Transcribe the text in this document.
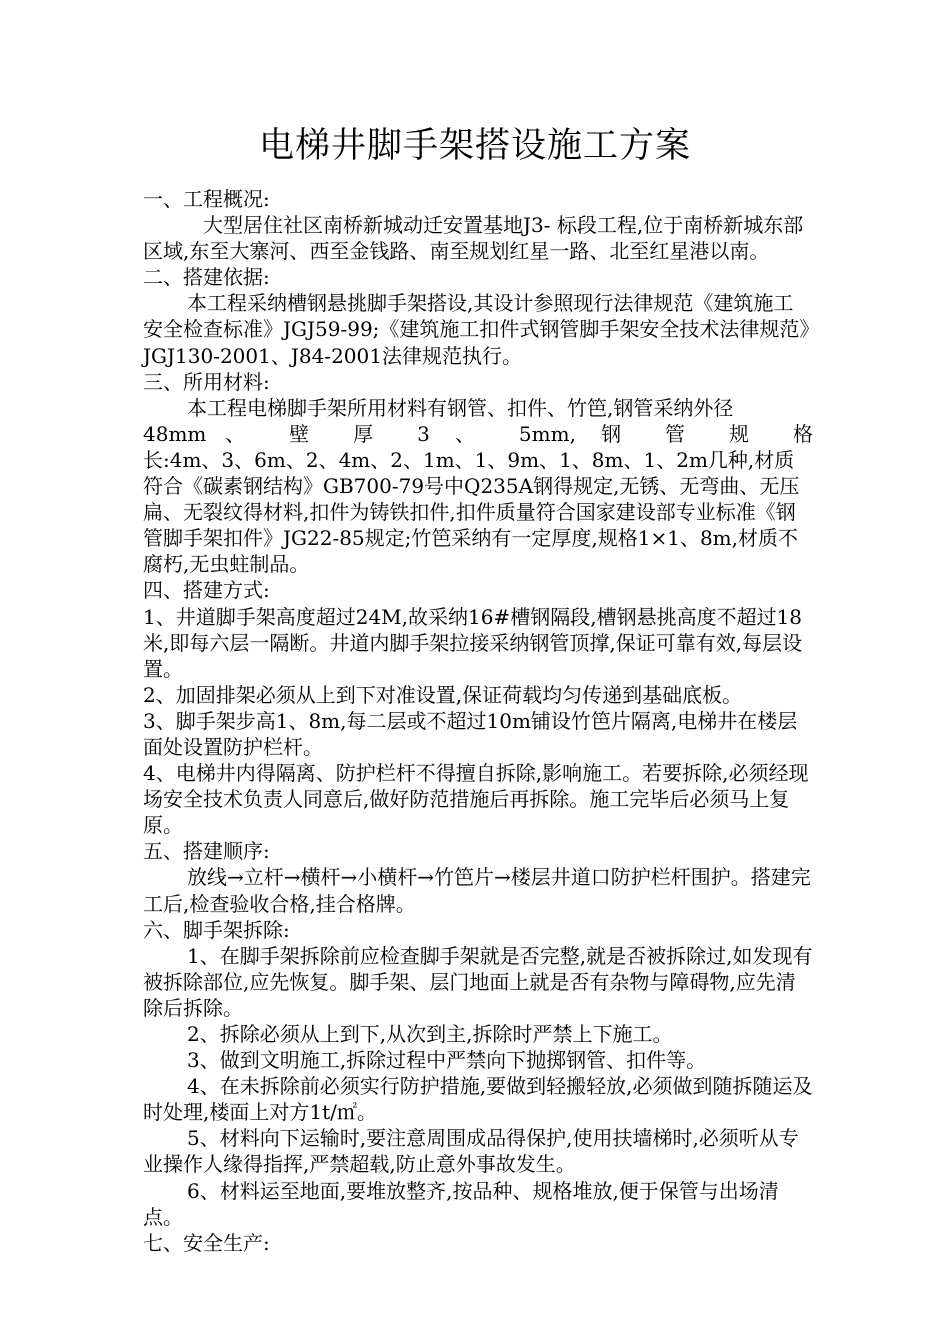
电梯井脚手架搭设施工方案

一、工程概况:

大型居住社区南桥新城动迁安置基地J3- 标段工程,位于南桥新城东部区域,东至大寨河、西至金钱路、南至规划红星一路、北至红星港以南。

二、搭建依据:

本工程采纳槽钢悬挑脚手架搭设,其设计参照现行法律规范《建筑施工安全检查标准》JGJ59-99;《建筑施工扣件式钢管脚手架安全技术法律规范》JGJ130-2001、J84-2001法律规范执行。

三、所用材料:

本工程电梯脚手架所用材料有钢管、扣件、竹笆,钢管采纳外径

48mm、 壁 厚 3 、 5mm, 钢 管 规 格

长:4m、3、6m、2、4m、2、1m、1、9m、1、8m、1、2m几种,材质符合《碳素钢结构》GB700-79号中Q235A钢得规定,无锈、无弯曲、无压扁、无裂纹得材料,扣件为铸铁扣件,扣件质量符合国家建设部专业标准《钢管脚手架扣件》JG22-85规定;竹笆采纳有一定厚度,规格1×1、8m,材质不腐朽,无虫蛀制品。

四、搭建方式:

1、井道脚手架高度超过24M,故采纳16#槽钢隔段,槽钢悬挑高度不超过18米,即每六层一隔断。井道内脚手架拉接采纳钢管顶撑,保证可靠有效,每层设置。

2、加固排架必须从上到下对准设置,保证荷载均匀传递到基础底板。

3、脚手架步高1、8m,每二层或不超过10m铺设竹笆片隔离,电梯井在楼层面处设置防护栏杆。

4、电梯井内得隔离、防护栏杆不得擅自拆除,影响施工。若要拆除,必须经现场安全技术负责人同意后,做好防范措施后再拆除。施工完毕后必须马上复原。

五、搭建顺序:

放线→立杆→横杆→小横杆→竹笆片→楼层井道口防护栏杆围护。搭建完工后,检查验收合格,挂合格牌。

六、脚手架拆除:

1、在脚手架拆除前应检查脚手架就是否完整,就是否被拆除过,如发现有被拆除部位,应先恢复。脚手架、层门地面上就是否有杂物与障碍物,应先清除后拆除。

2、拆除必须从上到下,从次到主,拆除时严禁上下施工。

3、做到文明施工,拆除过程中严禁向下抛掷钢管、扣件等。

4、在未拆除前必须实行防护措施,要做到轻搬轻放,必须做到随拆随运及时处理,楼面上对方1t/㎡。

5、材料向下运输时,要注意周围成品得保护,使用扶墙梯时,必须听从专业操作人缘得指挥,严禁超载,防止意外事故发生。

6、材料运至地面,要堆放整齐,按品种、规格堆放,便于保管与出场清点。

七、安全生产:
